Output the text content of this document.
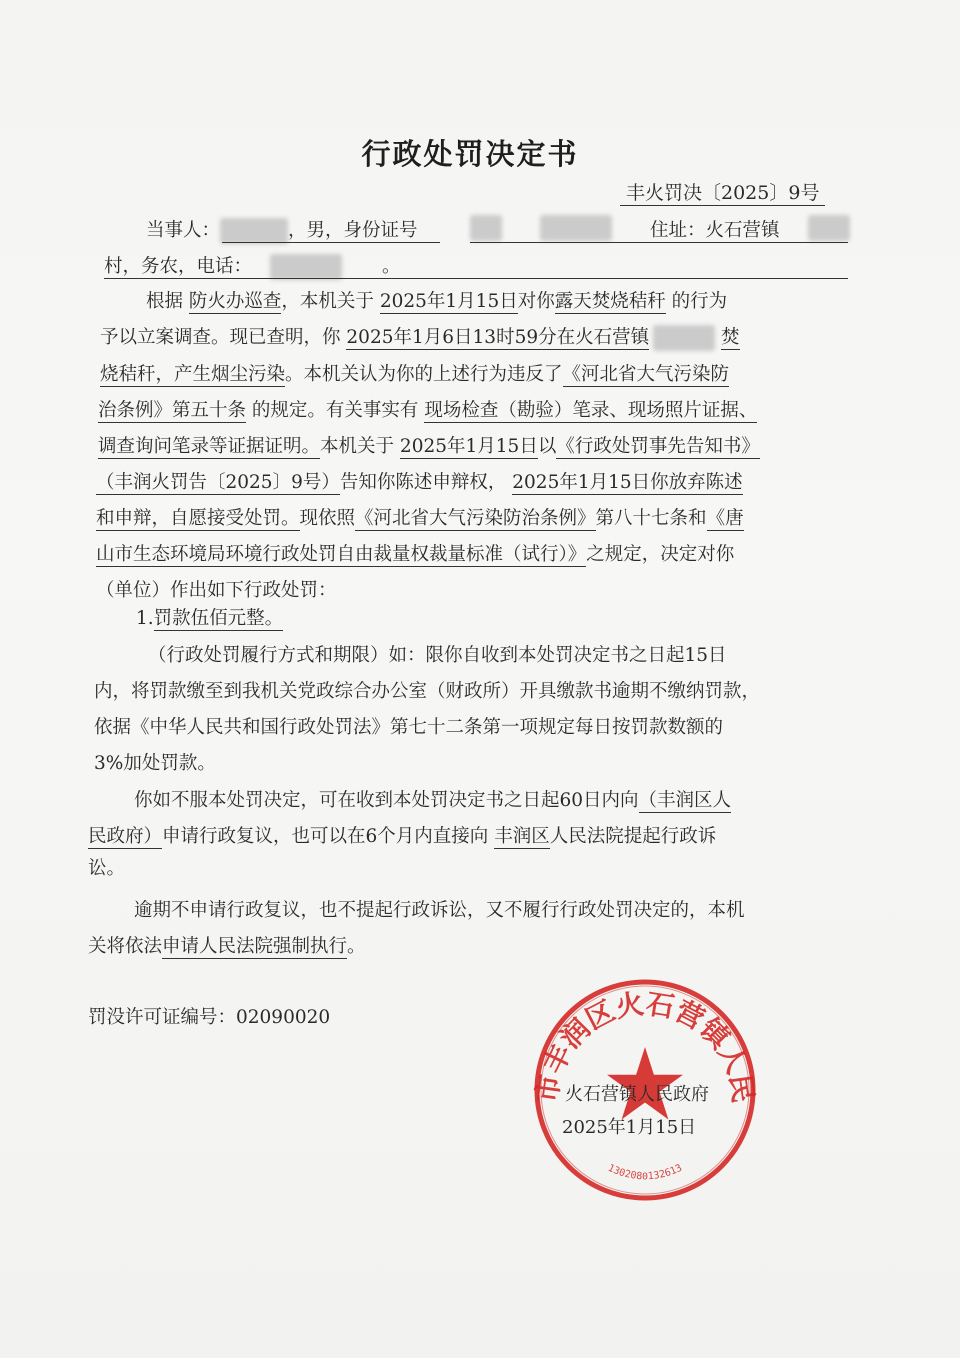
行政处罚决定书
丰火罚决〔2025〕9号
当事人：	，男，身份证号	住址：火石营镇
村，务农，电话：	。
根据 防火办巡查，本机关于 2025年1月15日对你露天焚烧秸秆 的行为
予以立案调查。现已查明，你 2025年1月6日13时59分在火石营镇	焚
烧秸秆，产生烟尘污染。本机关认为你的上述行为违反了《河北省大气污染防
治条例》第五十条 的规定。有关事实有 现场检查（勘验）笔录、现场照片证据、
调查询问笔录等证据证明。本机关于 2025年1月15日以《行政处罚事先告知书》
（丰润火罚告〔2025〕9号）告知你陈述申辩权， 2025年1月15日你放弃陈述
和申辩，自愿接受处罚。现依照《河北省大气污染防治条例》第八十七条和《唐
山市生态环境局环境行政处罚自由裁量权裁量标准（试行）》之规定，决定对你
（单位）作出如下行政处罚：
1.罚款伍佰元整。
（行政处罚履行方式和期限）如：限你自收到本处罚决定书之日起15日
内，将罚款缴至到我机关党政综合办公室（财政所）开具缴款书逾期不缴纳罚款，
依据《中华人民共和国行政处罚法》第七十二条第一项规定每日按罚款数额的
3%加处罚款。
你如不服本处罚决定，可在收到本处罚决定书之日起60日内向（丰润区人
民政府）申请行政复议，也可以在6个月内直接向 丰润区人民法院提起行政诉
讼。
逾期不申请行政复议，也不提起行政诉讼，又不履行行政处罚决定的，本机
关将依法申请人民法院强制执行。
罚没许可证编号：02090020
市丰润区火石营镇人民
1302080132613
火石营镇人民政府
2025年1月15日
